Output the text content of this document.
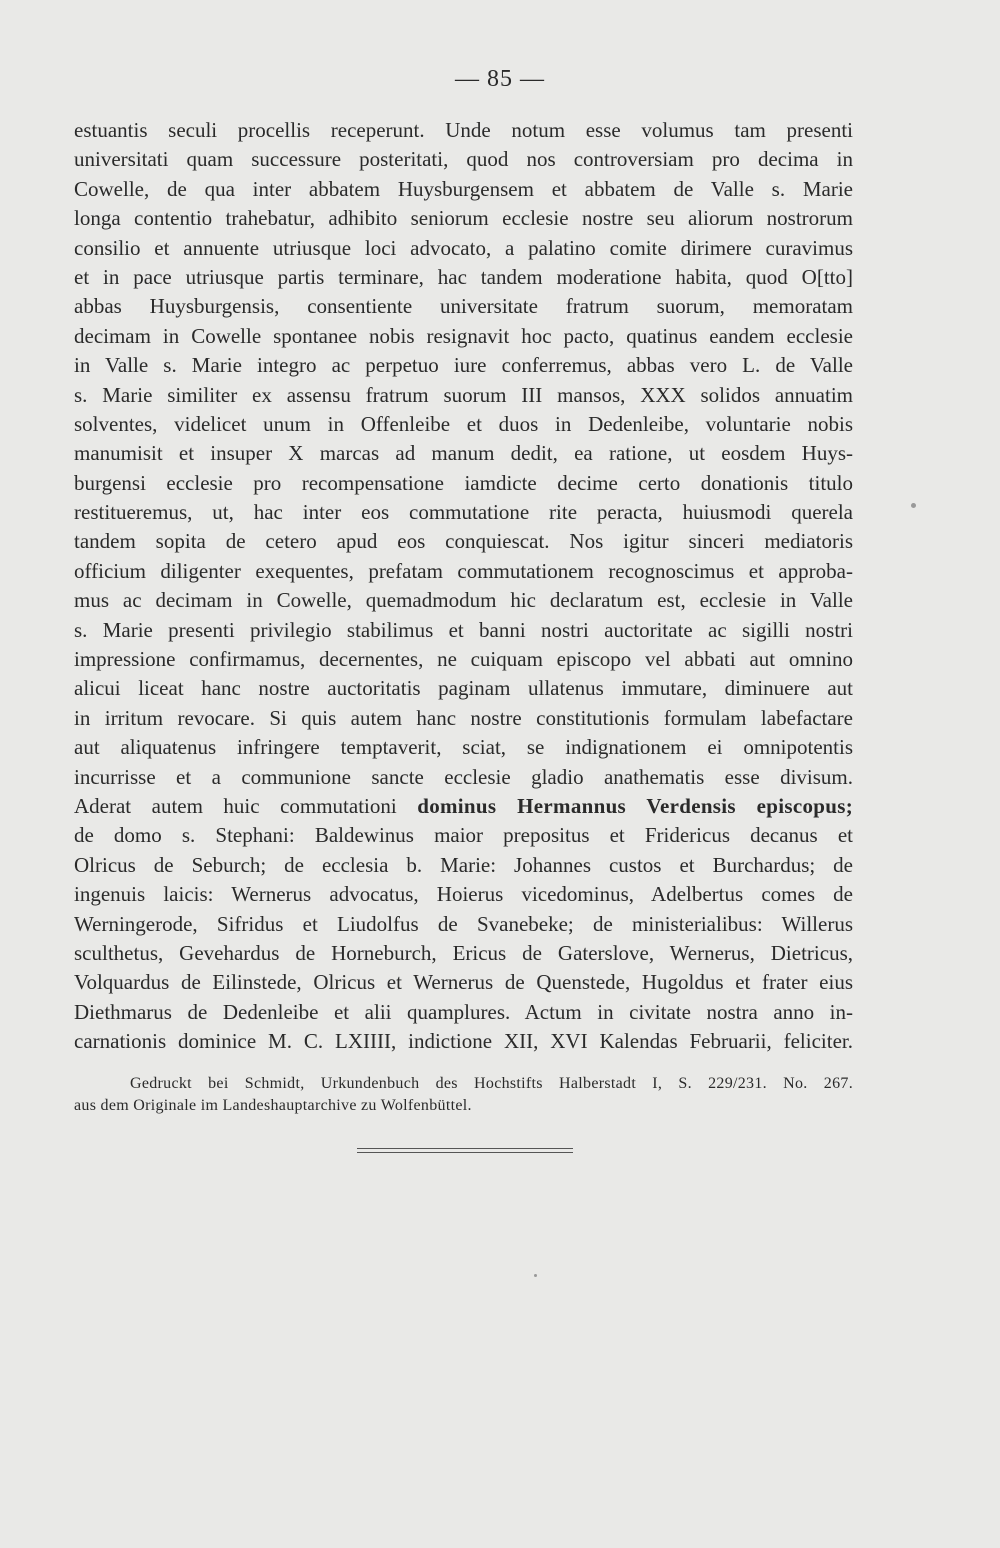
— 85 —
estuantis seculi procellis receperunt. Unde notum esse volumus tam presenti
universitati quam successure posteritati, quod nos controversiam pro decima in
Cowelle, de qua inter abbatem Huysburgensem et abbatem de Valle s. Marie
longa contentio trahebatur, adhibito seniorum ecclesie nostre seu aliorum nostrorum
consilio et annuente utriusque loci advocato, a palatino comite dirimere curavimus
et in pace utriusque partis terminare, hac tandem moderatione habita, quod O[tto]
abbas Huysburgensis, consentiente universitate fratrum suorum, memoratam
decimam in Cowelle spontanee nobis resignavit hoc pacto, quatinus eandem ecclesie
in Valle s. Marie integro ac perpetuo iure conferremus, abbas vero L. de Valle
s. Marie similiter ex assensu fratrum suorum III mansos, XXX solidos annuatim
solventes, videlicet unum in Offenleibe et duos in Dedenleibe, voluntarie nobis
manumisit et insuper X marcas ad manum dedit, ea ratione, ut eosdem Huys-
burgensi ecclesie pro recompensatione iamdicte decime certo donationis titulo
restitueremus, ut, hac inter eos commutatione rite peracta, huiusmodi querela
tandem sopita de cetero apud eos conquiescat. Nos igitur sinceri mediatoris
officium diligenter exequentes, prefatam commutationem recognoscimus et approba-
mus ac decimam in Cowelle, quemadmodum hic declaratum est, ecclesie in Valle
s. Marie presenti privilegio stabilimus et banni nostri auctoritate ac sigilli nostri
impressione confirmamus, decernentes, ne cuiquam episcopo vel abbati aut omnino
alicui liceat hanc nostre auctoritatis paginam ullatenus immutare, diminuere aut
in irritum revocare. Si quis autem hanc nostre constitutionis formulam labefactare
aut aliquatenus infringere temptaverit, sciat, se indignationem ei omnipotentis
incurrisse et a communione sancte ecclesie gladio anathematis esse divisum.
Aderat autem huic commutationi dominus Hermannus Verdensis episcopus;
de domo s. Stephani: Baldewinus maior prepositus et Fridericus decanus et
Olricus de Seburch; de ecclesia b. Marie: Johannes custos et Burchardus; de
ingenuis laicis: Wernerus advocatus, Hoierus vicedominus, Adelbertus comes de
Werningerode, Sifridus et Liudolfus de Svanebeke; de ministerialibus: Willerus
sculthetus, Gevehardus de Horneburch, Ericus de Gaterslove, Wernerus, Dietricus,
Volquardus de Eilinstede, Olricus et Wernerus de Quenstede, Hugoldus et frater eius
Diethmarus de Dedenleibe et alii quamplures. Actum in civitate nostra anno in-
carnationis dominice M. C. LXIIII, indictione XII, XVI Kalendas Februarii, feliciter.
Gedruckt bei Schmidt, Urkundenbuch des Hochstifts Halberstadt I, S. 229/231. No. 267.
aus dem Originale im Landeshauptarchive zu Wolfenbüttel.
